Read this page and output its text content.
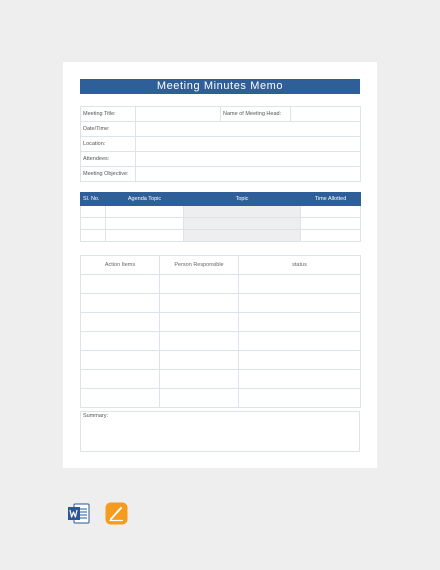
Meeting Minutes Memo
Meeting Title:		Name of Meeting Head:	
Date/Time:			
Location:			
Attendees:			
Meeting Objective:			
Sl. No.	Agenda Topic	Topic	Time Allotted

Action Items	Person Responsible	status

Summary:
